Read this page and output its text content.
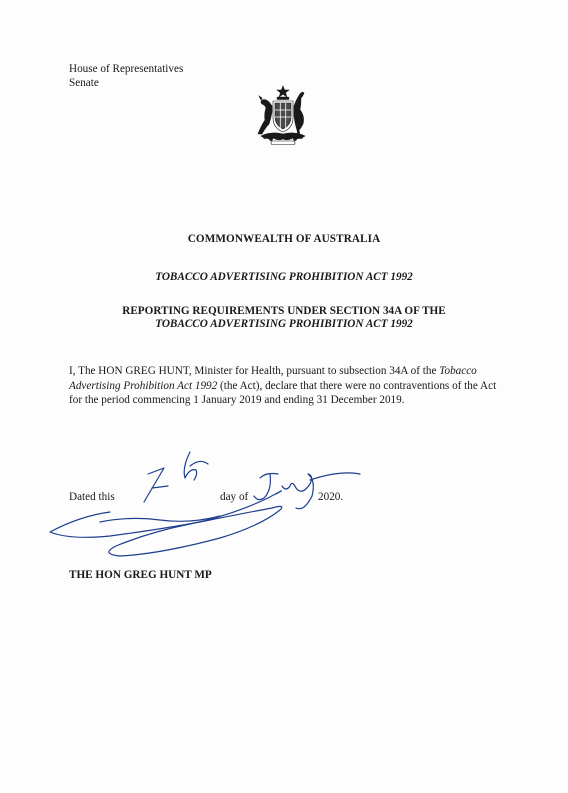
House of Representatives
Senate
COMMONWEALTH OF AUSTRALIA
TOBACCO ADVERTISING PROHIBITION ACT 1992
REPORTING REQUIREMENTS UNDER SECTION 34A OF THE
TOBACCO ADVERTISING PROHIBITION ACT 1992
I, The HON GREG HUNT, Minister for Health, pursuant to subsection 34A of the Tobacco Advertising Prohibition Act 1992 (the Act), declare that there were no contraventions of the Act for the period commencing 1 January 2019 and ending 31 December 2019.
Dated this	day of	2020.
THE HON GREG HUNT MP
